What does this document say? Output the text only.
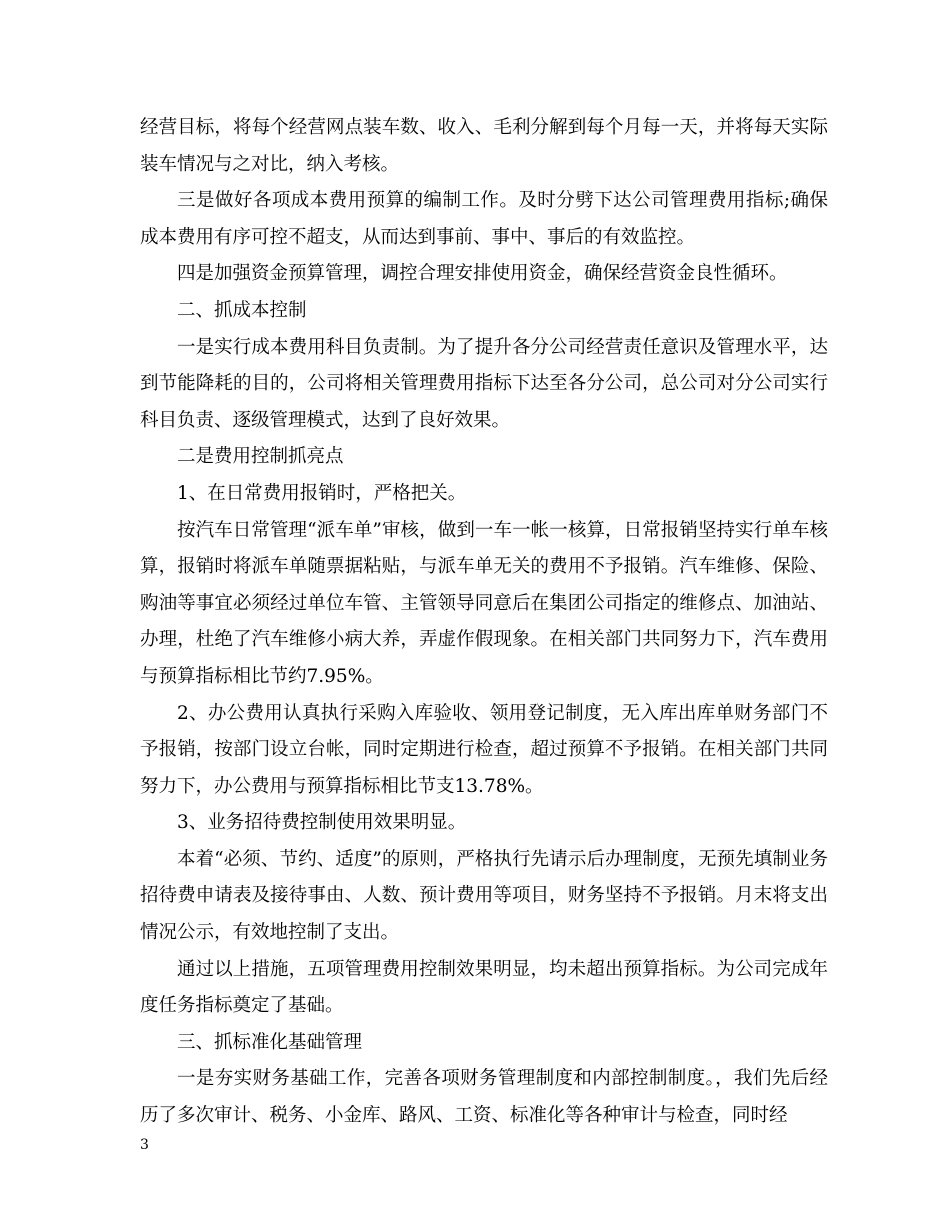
经营目标，将每个经营网点装车数、收入、毛利分解到每个月每一天，并将每天实际装车情况与之对比，纳入考核。

三是做好各项成本费用预算的编制工作。及时分劈下达公司管理费用指标;确保成本费用有序可控不超支，从而达到事前、事中、事后的有效监控。

四是加强资金预算管理，调控合理安排使用资金，确保经营资金良性循环。

二、抓成本控制

一是实行成本费用科目负责制。为了提升各分公司经营责任意识及管理水平，达到节能降耗的目的，公司将相关管理费用指标下达至各分公司，总公司对分公司实行科目负责、逐级管理模式，达到了良好效果。

二是费用控制抓亮点

1、在日常费用报销时，严格把关。

按汽车日常管理“派车单”审核，做到一车一帐一核算，日常报销坚持实行单车核算，报销时将派车单随票据粘贴，与派车单无关的费用不予报销。汽车维修、保险、购油等事宜必须经过单位车管、主管领导同意后在集团公司指定的维修点、加油站、办理，杜绝了汽车维修小病大养，弄虚作假现象。在相关部门共同努力下，汽车费用与预算指标相比节约7.95%。

2、办公费用认真执行采购入库验收、领用登记制度，无入库出库单财务部门不予报销，按部门设立台帐，同时定期进行检查，超过预算不予报销。在相关部门共同努力下，办公费用与预算指标相比节支13.78%。

3、业务招待费控制使用效果明显。

本着“必须、节约、适度”的原则，严格执行先请示后办理制度，无预先填制业务招待费申请表及接待事由、人数、预计费用等项目，财务坚持不予报销。月末将支出情况公示，有效地控制了支出。

通过以上措施，五项管理费用控制效果明显，均未超出预算指标。为公司完成年度任务指标奠定了基础。

三、抓标准化基础管理

一是夯实财务基础工作，完善各项财务管理制度和内部控制制度。，我们先后经历了多次审计、税务、小金库、路风、工资、标准化等各种审计与检查，同时经

3
